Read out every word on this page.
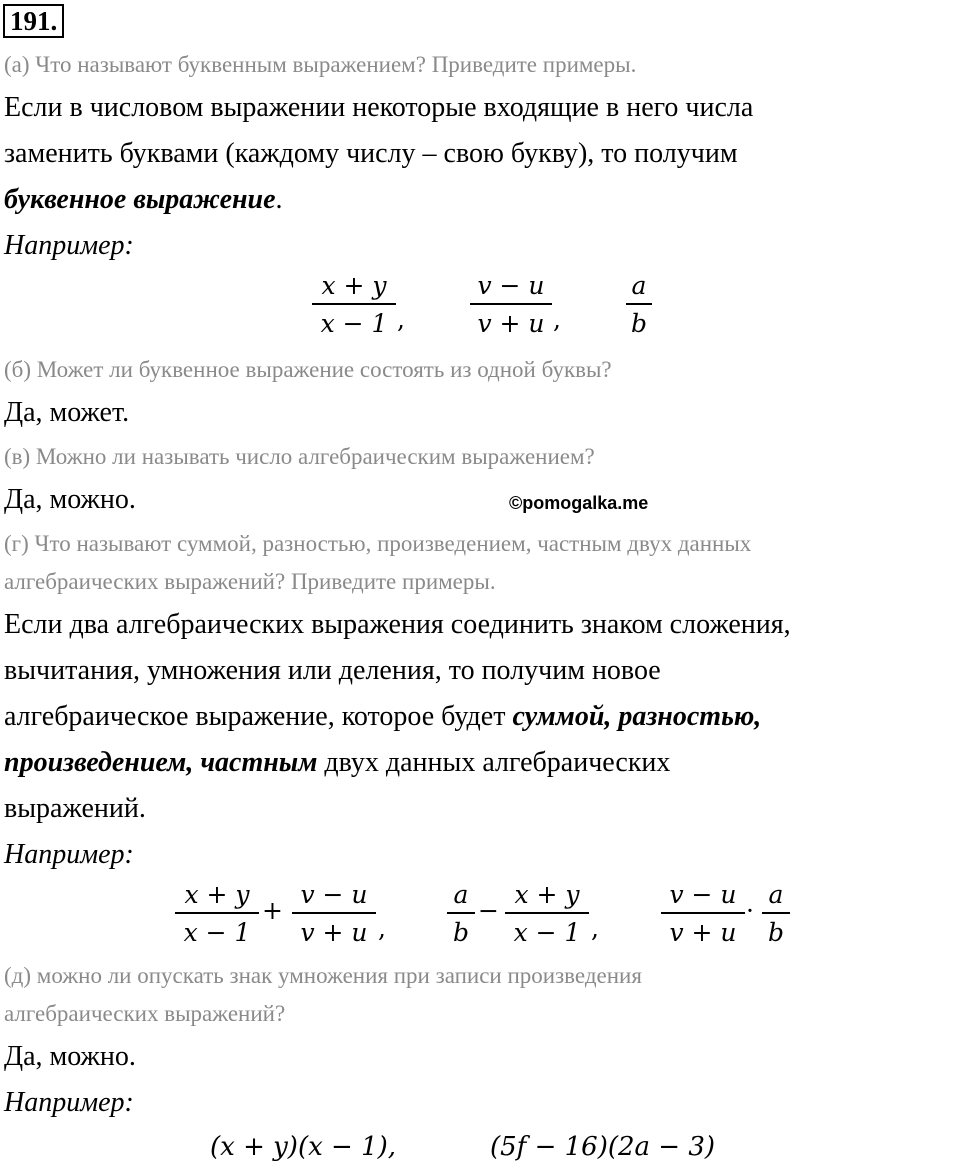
191.
(а) Что называют буквенным выражением? Приведите примеры.
Если в числовом выражении некоторые входящие в него числа
заменить буквами (каждому числу – свою букву), то получим
буквенное выражение.
Например:
x + y
x − 1 ,
v − u
v + u ,
a
b
(б) Может ли буквенное выражение состоять из одной буквы?
Да, может.
(в) Можно ли называть число алгебраическим выражением?
Да, можно.	©pomogalka.me
(г) Что называют суммой, разностью, произведением, частным двух данных
алгебраических выражений? Приведите примеры.
Если два алгебраических выражения соединить знаком сложения,
вычитания, умножения или деления, то получим новое
алгебраическое выражение, которое будет суммой, разностью,
произведением, частным двух данных алгебраических
выражений.
Например:
x + y
x − 1
+
v − u
v + u ,
a
b
−
x + y
x − 1 ,
v − u
v + u
·
a
b
(д) можно ли опускать знак умножения при записи произведения
алгебраических выражений?
Да, можно.
Например:
(x + y)(x − 1),	(5f − 16)(2a − 3)
